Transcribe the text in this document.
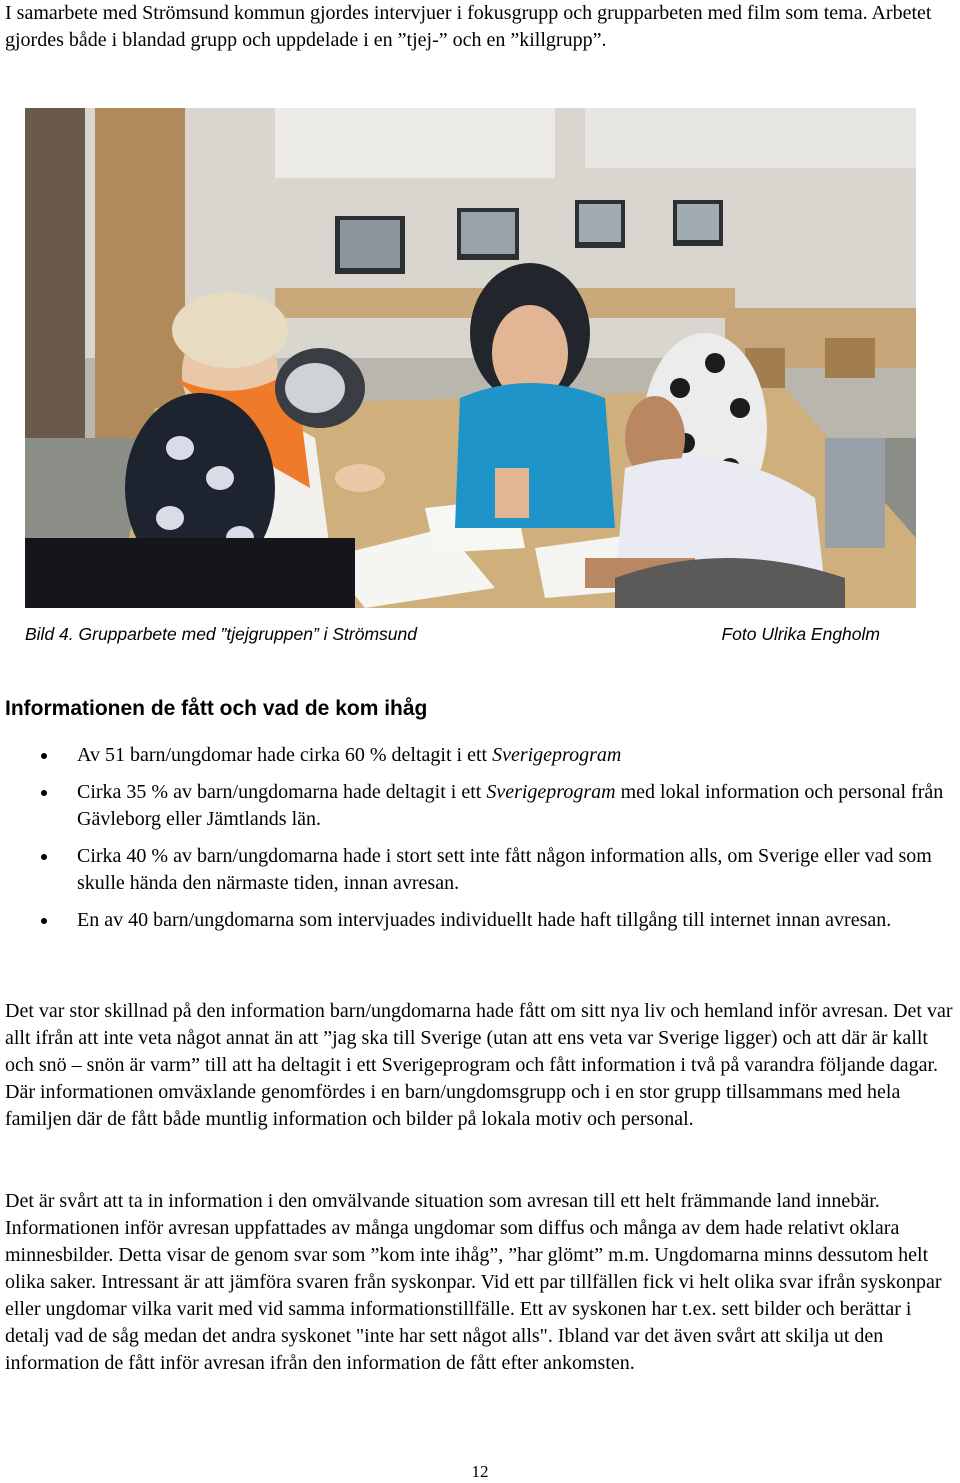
I samarbete med Strömsund kommun gjordes intervjuer i fokusgrupp och grupparbeten med film som tema. Arbetet gjordes både i blandad grupp och uppdelade i en ”tjej-” och en ”killgrupp”.

Bild 4. Grupparbete med ”tjejgruppen” i Strömsund	Foto Ulrika Engholm
Informationen de fått och vad de kom ihåg
Av 51 barn/ungdomar hade cirka 60 % deltagit i ett Sverigeprogram
Cirka 35 % av barn/ungdomarna hade deltagit i ett Sverigeprogram med lokal information och personal från Gävleborg eller Jämtlands län.
Cirka 40 % av barn/ungdomarna hade i stort sett inte fått någon information alls, om Sverige eller vad som skulle hända den närmaste tiden, innan avresan.
En av 40 barn/ungdomarna som intervjuades individuellt hade haft tillgång till internet innan avresan.

Det var stor skillnad på den information barn/ungdomarna hade fått om sitt nya liv och hemland inför avresan. Det var allt ifrån att inte veta något annat än att ”jag ska till Sverige (utan att ens veta var Sverige ligger) och att där är kallt och snö – snön är varm” till att ha deltagit i ett Sverigeprogram och fått information i två på varandra följande dagar. Där informationen omväxlande genomfördes i en barn/ungdomsgrupp och i en stor grupp tillsammans med hela familjen där de fått både muntlig information och bilder på lokala motiv och personal.

Det är svårt att ta in information i den omvälvande situation som avresan till ett helt främmande land innebär. Informationen inför avresan uppfattades av många ungdomar som diffus och många av dem hade relativt oklara minnesbilder. Detta visar de genom svar som ”kom inte ihåg”, ”har glömt” m.m. Ungdomarna minns dessutom helt olika saker. Intressant är att jämföra svaren från syskonpar. Vid ett par tillfällen fick vi helt olika svar ifrån syskonpar eller ungdomar vilka varit med vid samma informationstillfälle. Ett av syskonen har t.ex. sett bilder och berättar i detalj vad de såg medan det andra syskonet "inte har sett något alls". Ibland var det även svårt att skilja ut den information de fått inför avresan ifrån den information de fått efter ankomsten.

12
